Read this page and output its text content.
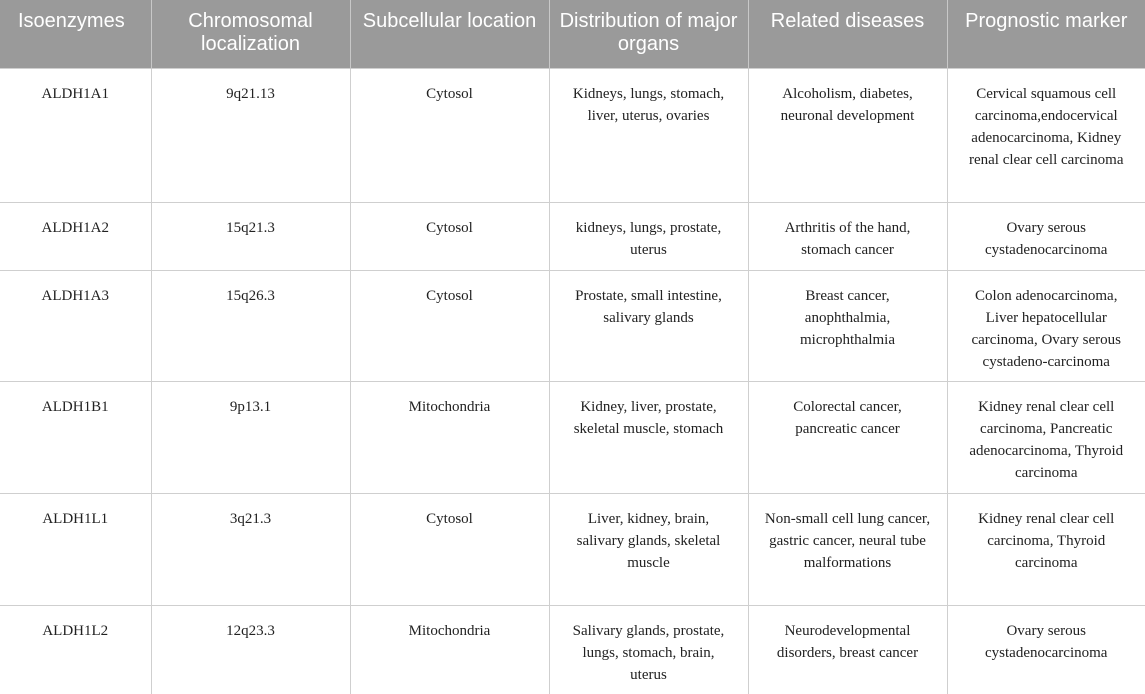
Isoenzymes	Chromosomal localization	Subcellular location	Distribution of major organs	Related diseases	Prognostic marker
ALDH1A1	9q21.13	Cytosol	Kidneys, lungs, stomach, liver, uterus, ovaries	Alcoholism, diabetes, neuronal development	Cervical squamous cell carcinoma,endocervical adenocarcinoma, Kidney renal clear cell carcinoma
ALDH1A2	15q21.3	Cytosol	kidneys, lungs, prostate, uterus	Arthritis of the hand, stomach cancer	Ovary serous cystadenocarcinoma
ALDH1A3	15q26.3	Cytosol	Prostate, small intestine, salivary glands	Breast cancer, anophthalmia, microphthalmia	Colon adenocarcinoma, Liver hepatocellular carcinoma, Ovary serous cystadeno-carcinoma
ALDH1B1	9p13.1	Mitochondria	Kidney, liver, prostate, skeletal muscle, stomach	Colorectal cancer, pancreatic cancer	Kidney renal clear cell carcinoma, Pancreatic adenocarcinoma, Thyroid carcinoma
ALDH1L1	3q21.3	Cytosol	Liver, kidney, brain, salivary glands, skeletal muscle	Non-small cell lung cancer, gastric cancer, neural tube malformations	Kidney renal clear cell carcinoma, Thyroid carcinoma
ALDH1L2	12q23.3	Mitochondria	Salivary glands, prostate, lungs, stomach, brain, uterus	Neurodevelopmental disorders, breast cancer	Ovary serous cystadenocarcinoma
